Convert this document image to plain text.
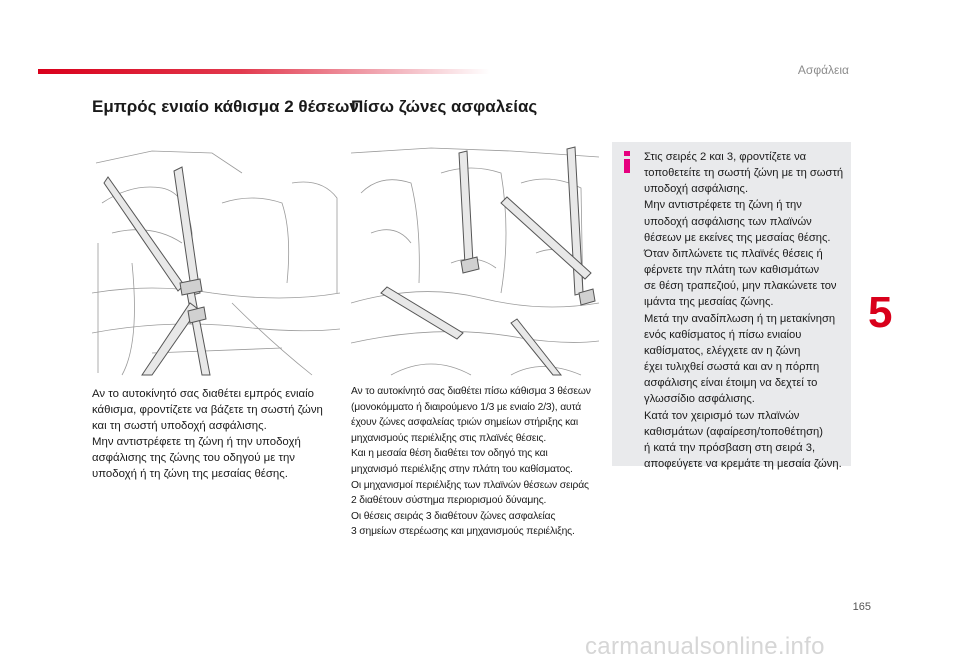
Ασφάλεια
Εμπρός ενιαίο κάθισμα 2 θέσεων
Αν το αυτοκίνητό σας διαθέτει εμπρός ενιαίο
κάθισμα, φροντίζετε να βάζετε τη σωστή ζώνη
και τη σωστή υποδοχή ασφάλισης.
Μην αντιστρέφετε τη ζώνη ή την υποδοχή
ασφάλισης της ζώνης του οδηγού με την
υποδοχή ή τη ζώνη της μεσαίας θέσης.
Πίσω ζώνες ασφαλείας
Αν το αυτοκίνητό σας διαθέτει πίσω κάθισμα 3 θέσεων
(μονοκόμματο ή διαιρούμενο 1/3 με ενιαίο 2/3), αυτά
έχουν ζώνες ασφαλείας τριών σημείων στήριξης και
μηχανισμούς περιέλιξης στις πλαϊνές θέσεις.
Και η μεσαία θέση διαθέτει τον οδηγό της και
μηχανισμό περιέλιξης στην πλάτη του καθίσματος.
Οι μηχανισμοί περιέλιξης των πλαϊνών θέσεων σειράς
2 διαθέτουν σύστημα περιορισμού δύναμης.
Οι θέσεις σειράς 3 διαθέτουν ζώνες ασφαλείας
3 σημείων στερέωσης και μηχανισμούς περιέλιξης.
Στις σειρές 2 και 3, φροντίζετε να
τοποθετείτε τη σωστή ζώνη με τη σωστή
υποδοχή ασφάλισης.
Μην αντιστρέφετε τη ζώνη ή την
υποδοχή ασφάλισης των πλαϊνών
θέσεων με εκείνες της μεσαίας θέσης.
Όταν διπλώνετε τις πλαϊνές θέσεις ή
φέρνετε την πλάτη των καθισμάτων
σε θέση τραπεζιού, μην πλακώνετε τον
ιμάντα της μεσαίας ζώνης.
Μετά την αναδίπλωση ή τη μετακίνηση
ενός καθίσματος ή πίσω ενιαίου
καθίσματος, ελέγχετε αν η ζώνη
έχει τυλιχθεί σωστά και αν η πόρπη
ασφάλισης είναι έτοιμη να δεχτεί το
γλωσσίδιο ασφάλισης.
Κατά τον χειρισμό των πλαϊνών
καθισμάτων (αφαίρεση/τοποθέτηση)
ή κατά την πρόσβαση στη σειρά 3,
αποφεύγετε να κρεμάτε τη μεσαία ζώνη.
5
165
carmanualsonline.info
